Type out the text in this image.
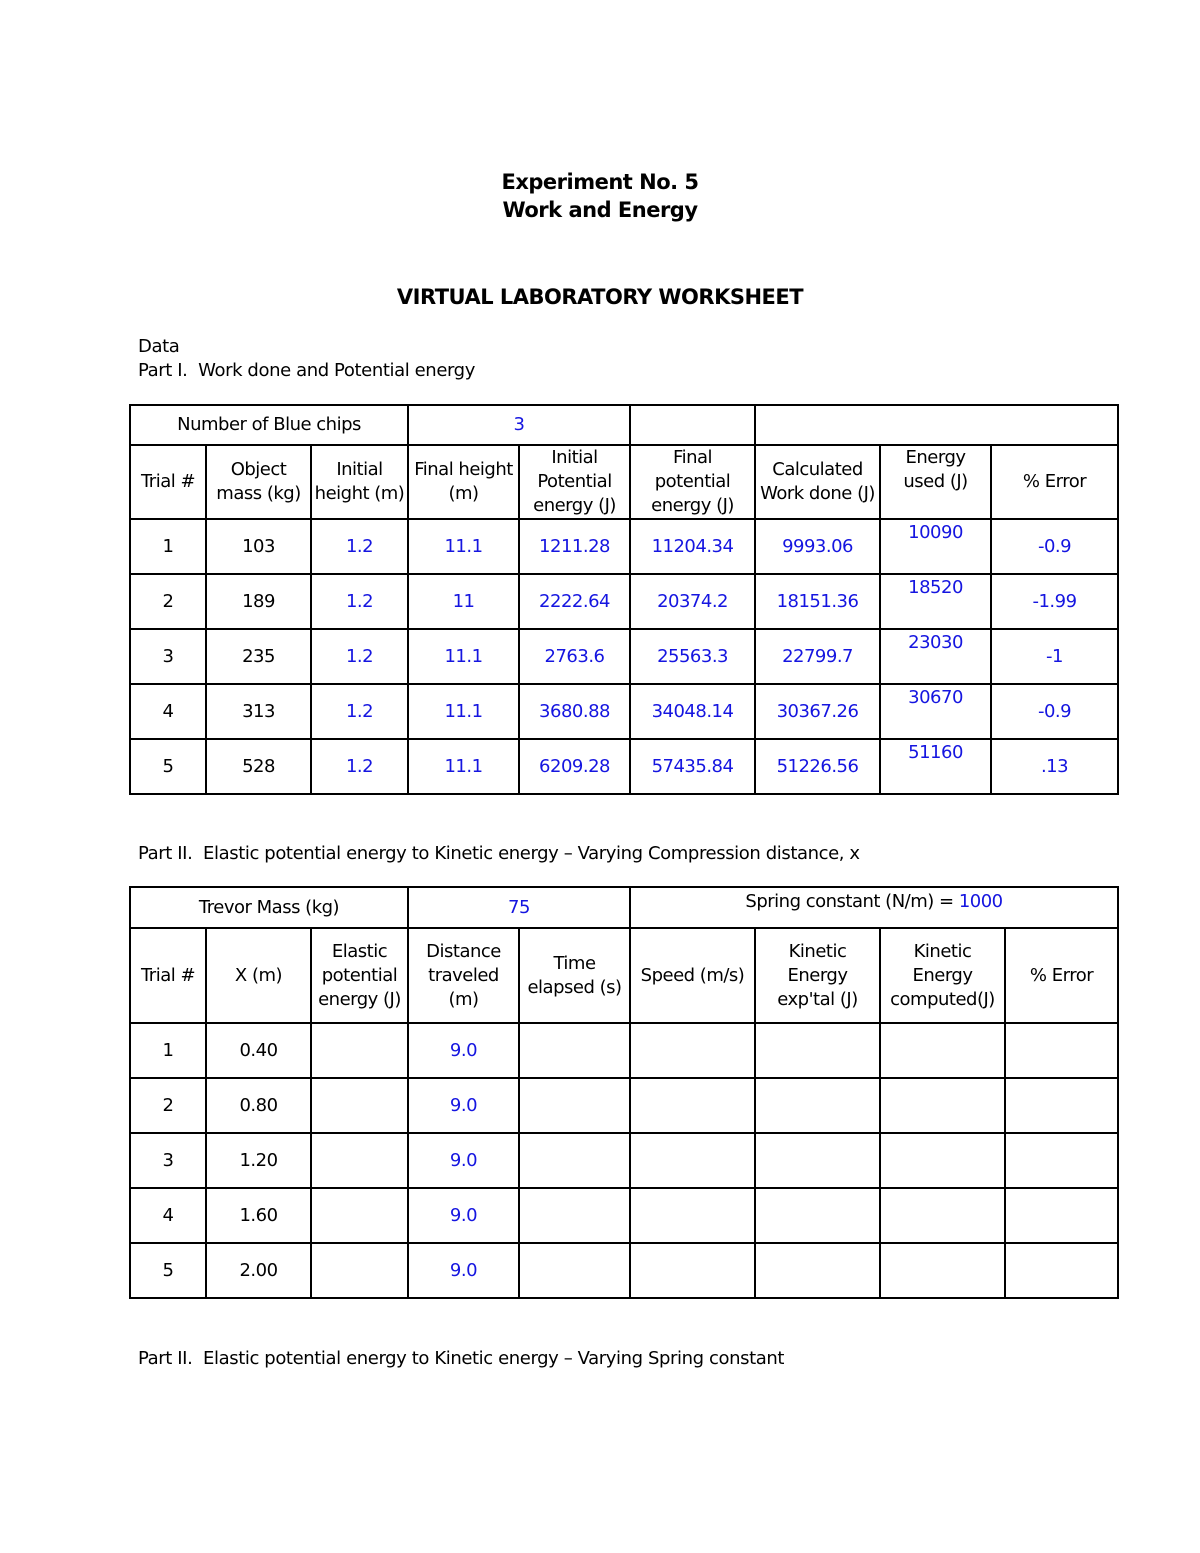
Experiment No. 5
Work and Energy
VIRTUAL LABORATORY WORKSHEET
Data
Part I.  Work done and Potential energy
Number of Blue chips			3					
Trial #	Object mass (kg)	Initial height (m)	Final height (m)	Initial Potential energy (J)	Final potential energy (J)	Calculated Work done (J)	Energy used (J)	% Error
1	103	1.2	11.1	1211.28	11204.34	9993.06	10090	-0.9
2	189	1.2	11	2222.64	20374.2	18151.36	18520	-1.99
3	235	1.2	11.1	2763.6	25563.3	22799.7	23030	-1
4	313	1.2	11.1	3680.88	34048.14	30367.26	30670	-0.9
5	528	1.2	11.1	6209.28	57435.84	51226.56	51160	.13
Part II.  Elastic potential energy to Kinetic energy – Varying Compression distance, x
Trevor Mass (kg)			75		Spring constant (N/m) = 1000			
Trial #	X (m)	Elastic potential energy (J)	Distance traveled (m)	Time elapsed (s)	Speed (m/s)	Kinetic Energy exp'tal (J)	Kinetic Energy computed(J)	% Error
1	0.40		9.0					
2	0.80		9.0					
3	1.20		9.0					
4	1.60		9.0					
5	2.00		9.0					
Part II.  Elastic potential energy to Kinetic energy – Varying Spring constant
